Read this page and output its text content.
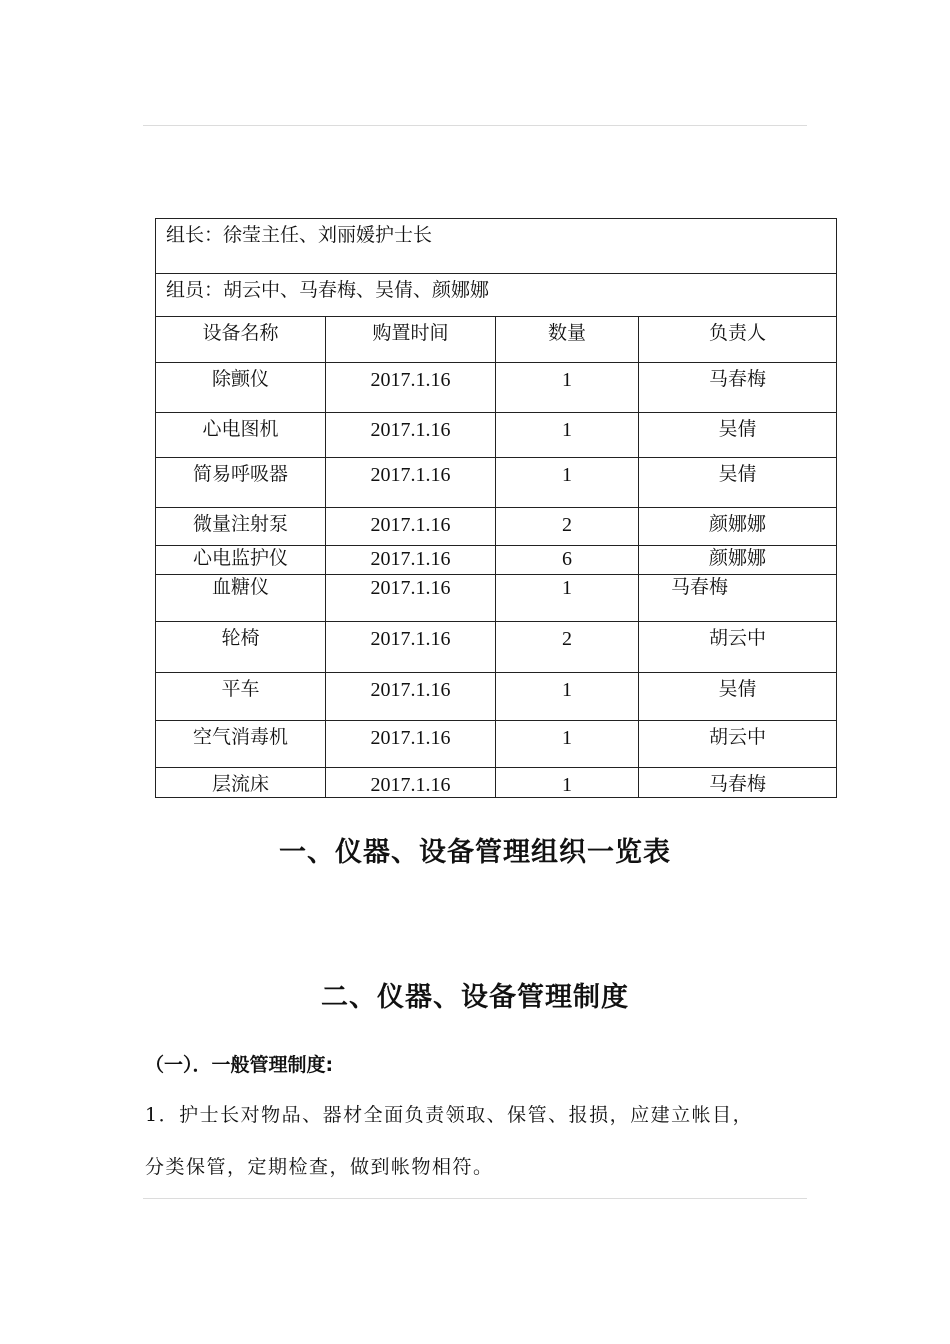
组长：徐莹主任、刘丽媛护士长			
组员：胡云中、马春梅、吴倩、颜娜娜			

设备名称	购置时间	数量	负责人

除颤仪	2017.1.16	1	马春梅

心电图机	2017.1.16	1	吴倩

简易呼吸器	2017.1.16	1	吴倩

微量注射泵	2017.1.16	2	颜娜娜

心电监护仪	2017.1.16	6	颜娜娜

血糖仪	2017.1.16	1	马春梅

轮椅	2017.1.16	2	胡云中

平车	2017.1.16	1	吴倩

空气消毒机	2017.1.16	1	胡云中

层流床	2017.1.16	1	马春梅
一、仪器、设备管理组织一览表
二、仪器、设备管理制度
（一）．一般管理制度:
1．护士长对物品、器材全面负责领取、保管、报损，应建立帐目，
分类保管，定期检查，做到帐物相符。
